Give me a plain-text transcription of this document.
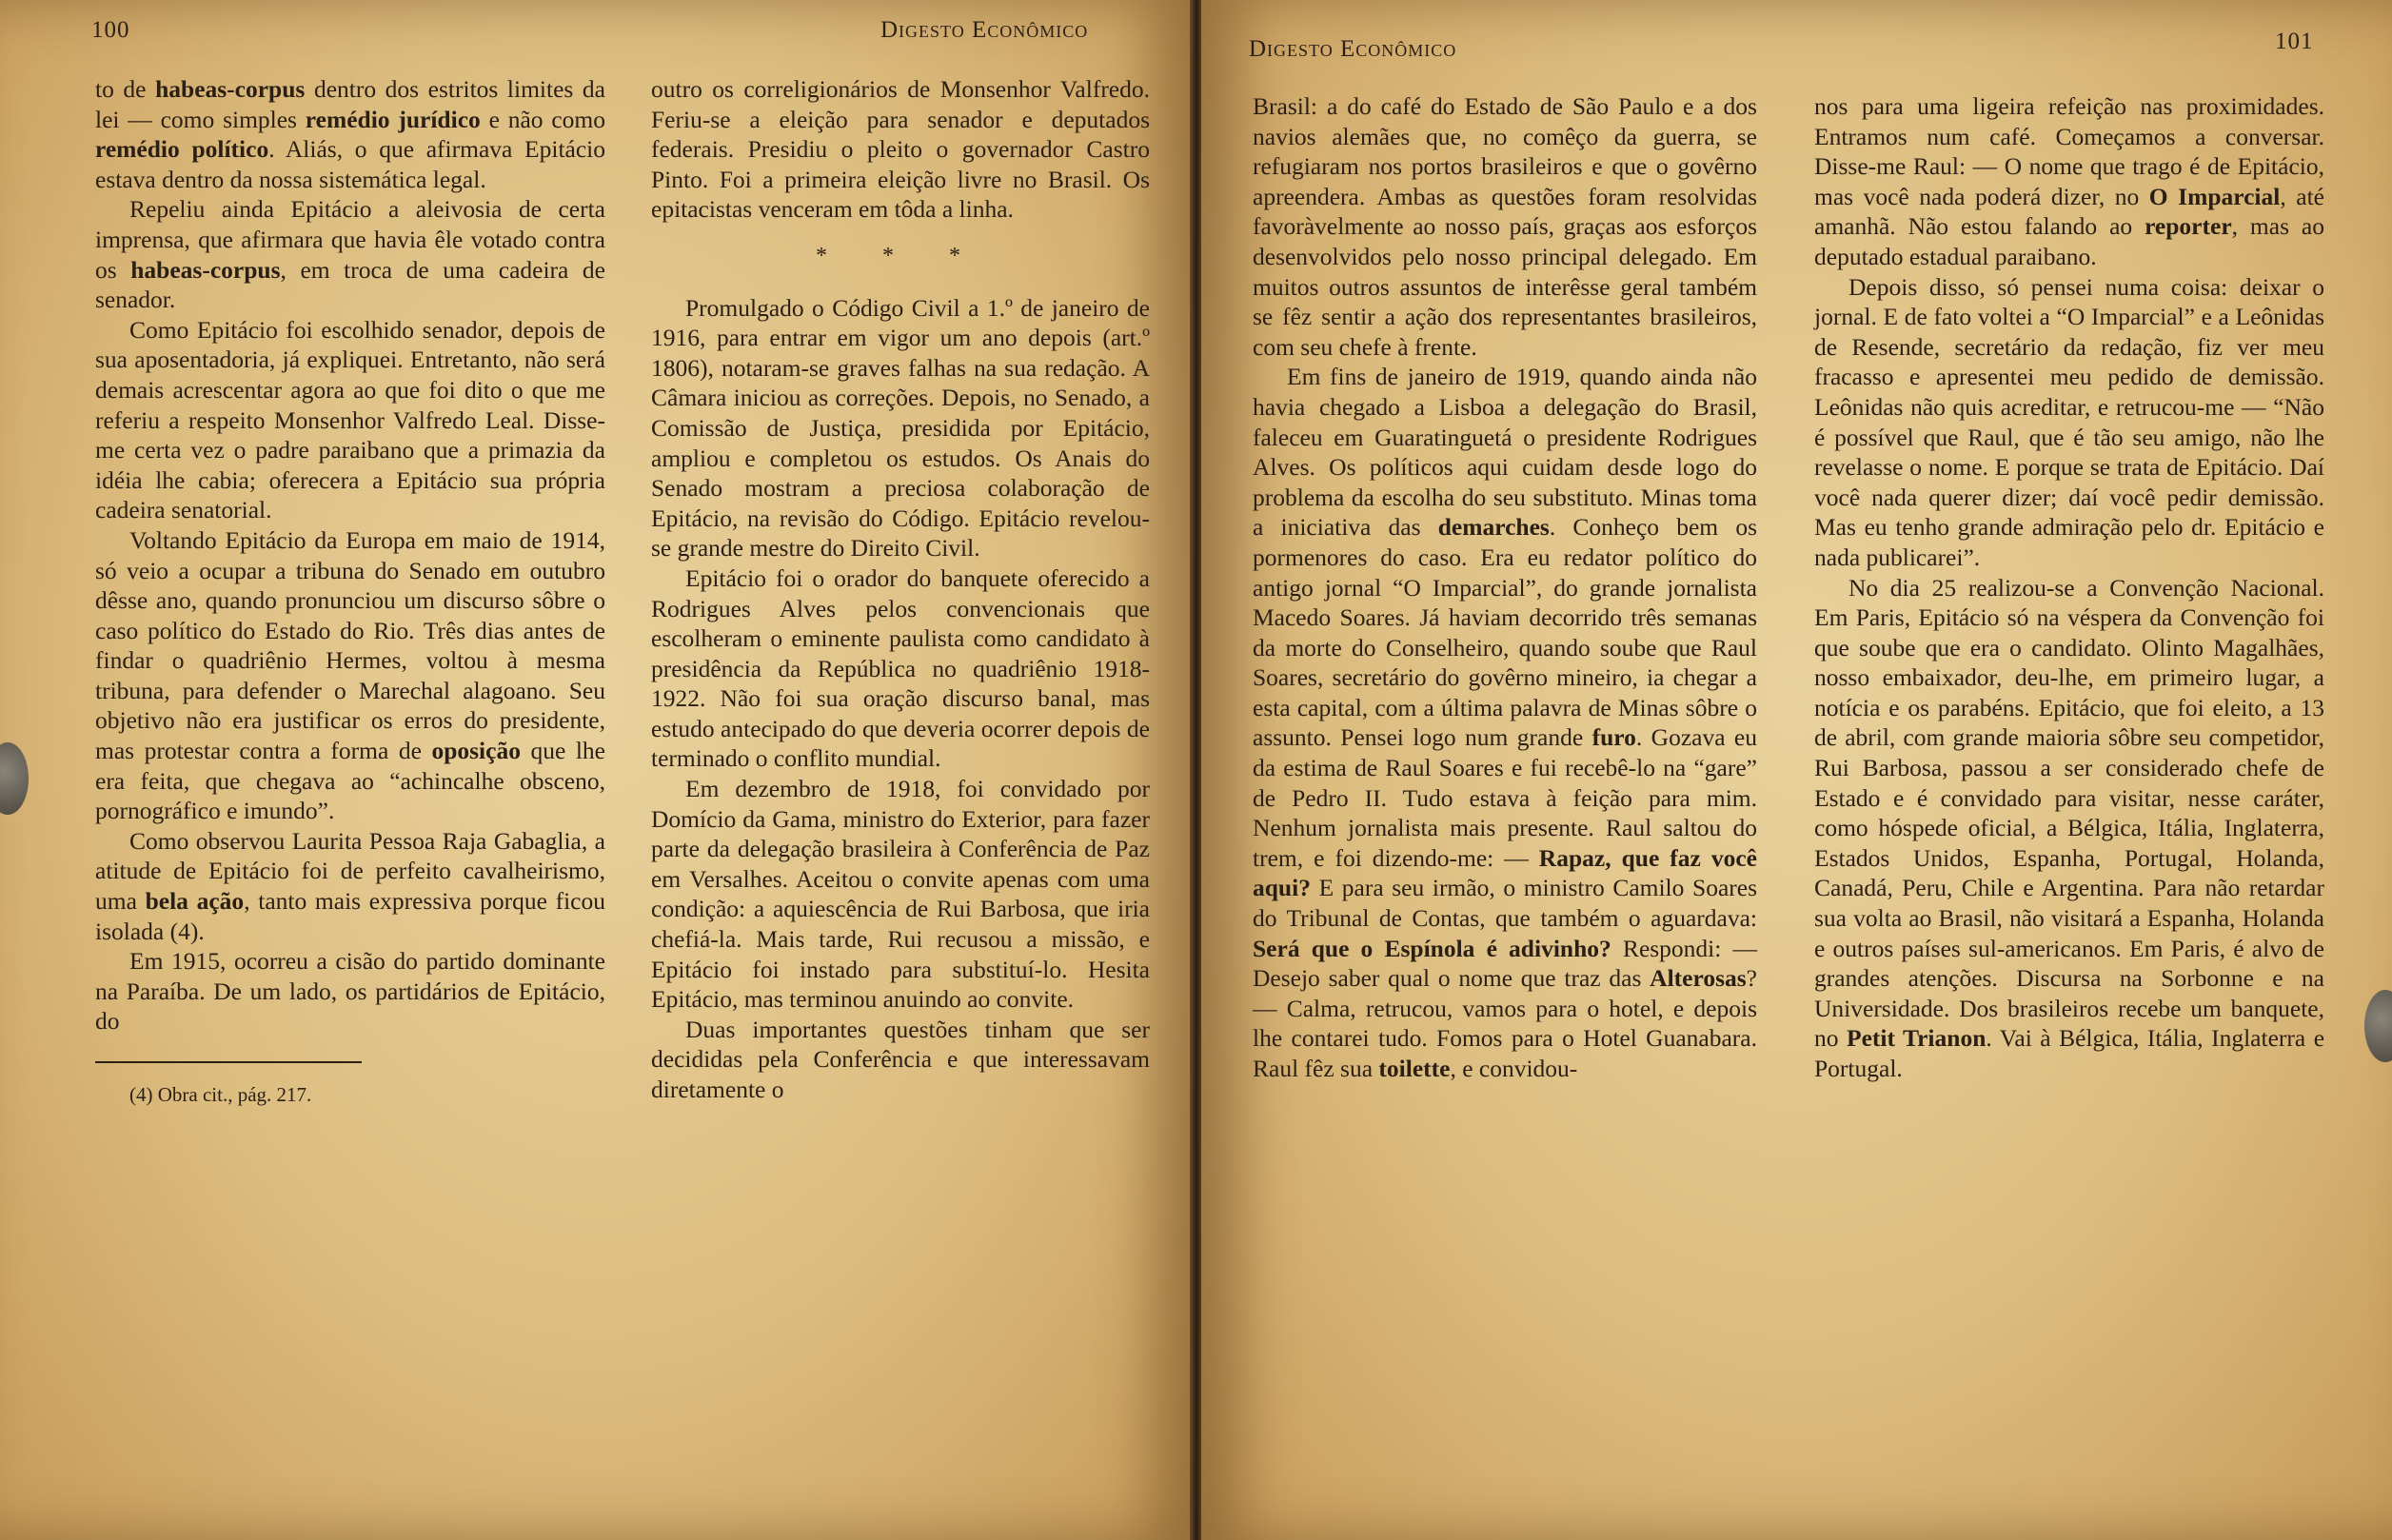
100	Digesto Econômico

to de habeas-corpus dentro dos estritos limites da lei — como simples remédio jurídico e não como remédio político. Aliás, o que afirmava Epitácio estava dentro da nossa sistemática legal.

Repeliu ainda Epitácio a aleivosia de certa imprensa, que afirmara que havia êle votado contra os habeas-corpus, em troca de uma cadeira de senador.

Como Epitácio foi escolhido senador, depois de sua aposentadoria, já expliquei. Entretanto, não será demais acrescentar agora ao que foi dito o que me referiu a respeito Monsenhor Valfredo Leal. Disse-me certa vez o padre paraibano que a primazia da idéia lhe cabia; oferecera a Epitácio sua própria cadeira senatorial.

Voltando Epitácio da Europa em maio de 1914, só veio a ocupar a tribuna do Senado em outubro dêsse ano, quando pronunciou um discurso sôbre o caso político do Estado do Rio. Três dias antes de findar o quadriênio Hermes, voltou à mesma tribuna, para defender o Marechal alagoano. Seu objetivo não era justificar os erros do presidente, mas protestar contra a forma de oposição que lhe era feita, que chegava ao “achincalhe obsceno, pornográfico e imundo”.

Como observou Laurita Pessoa Raja Gabaglia, a atitude de Epitácio foi de perfeito cavalheirismo, uma bela ação, tanto mais expressiva porque ficou isolada (4).

Em 1915, ocorreu a cisão do partido dominante na Paraíba. De um lado, os partidários de Epitácio, do

(4) Obra cit., pág. 217.

outro os correligionários de Monsenhor Valfredo. Feriu-se a eleição para senador e deputados federais. Presidiu o pleito o governador Castro Pinto. Foi a primeira eleição livre no Brasil. Os epitacistas venceram em tôda a linha.

* * *

Promulgado o Código Civil a 1.º de janeiro de 1916, para entrar em vigor um ano depois (art.º 1806), notaram-se graves falhas na sua redação. A Câmara iniciou as correções. Depois, no Senado, a Comissão de Justiça, presidida por Epitácio, ampliou e completou os estudos. Os Anais do Senado mostram a preciosa colaboração de Epitácio, na revisão do Código. Epitácio revelou-se grande mestre do Direito Civil.

Epitácio foi o orador do banquete oferecido a Rodrigues Alves pelos convencionais que escolheram o eminente paulista como candidato à presidência da República no quadriênio 1918-1922. Não foi sua oração discurso banal, mas estudo antecipado do que deveria ocorrer depois de terminado o conflito mundial.

Em dezembro de 1918, foi convidado por Domício da Gama, ministro do Exterior, para fazer parte da delegação brasileira à Conferência de Paz em Versalhes. Aceitou o convite apenas com uma condição: a aquiescência de Rui Barbosa, que iria chefiá-la. Mais tarde, Rui recusou a missão, e Epitácio foi instado para substituí-lo. Hesita Epitácio, mas terminou anuindo ao convite.

Duas importantes questões tinham que ser decididas pela Conferência e que interessavam diretamente o

Digesto Econômico	101

Brasil: a do café do Estado de São Paulo e a dos navios alemães que, no comêço da guerra, se refugiaram nos portos brasileiros e que o govêrno apreendera. Ambas as questões foram resolvidas favoràvelmente ao nosso país, graças aos esforços desenvolvidos pelo nosso principal delegado. Em muitos outros assuntos de interêsse geral também se fêz sentir a ação dos representantes brasileiros, com seu chefe à frente.

Em fins de janeiro de 1919, quando ainda não havia chegado a Lisboa a delegação do Brasil, faleceu em Guaratinguetá o presidente Rodrigues Alves. Os políticos aqui cuidam desde logo do problema da escolha do seu substituto. Minas toma a iniciativa das demarches. Conheço bem os pormenores do caso. Era eu redator político do antigo jornal “O Imparcial”, do grande jornalista Macedo Soares. Já haviam decorrido três semanas da morte do Conselheiro, quando soube que Raul Soares, secretário do govêrno mineiro, ia chegar a esta capital, com a última palavra de Minas sôbre o assunto. Pensei logo num grande furo. Gozava eu da estima de Raul Soares e fui recebê-lo na “gare” de Pedro II. Tudo estava à feição para mim. Nenhum jornalista mais presente. Raul saltou do trem, e foi dizendo-me: — Rapaz, que faz você aqui? E para seu irmão, o ministro Camilo Soares do Tribunal de Contas, que também o aguardava: Será que o Espínola é adivinho? Respondi: — Desejo saber qual o nome que traz das Alterosas? — Calma, retrucou, vamos para o hotel, e depois lhe contarei tudo. Fomos para o Hotel Guanabara. Raul fêz sua toilette, e convidou-

nos para uma ligeira refeição nas proximidades. Entramos num café. Começamos a conversar. Disse-me Raul: — O nome que trago é de Epitácio, mas você nada poderá dizer, no O Imparcial, até amanhã. Não estou falando ao reporter, mas ao deputado estadual paraibano.

Depois disso, só pensei numa coisa: deixar o jornal. E de fato voltei a “O Imparcial” e a Leônidas de Resende, secretário da redação, fiz ver meu fracasso e apresentei meu pedido de demissão. Leônidas não quis acreditar, e retrucou-me — “Não é possível que Raul, que é tão seu amigo, não lhe revelasse o nome. E porque se trata de Epitácio. Daí você nada querer dizer; daí você pedir demissão. Mas eu tenho grande admiração pelo dr. Epitácio e nada publicarei”.

No dia 25 realizou-se a Convenção Nacional. Em Paris, Epitácio só na véspera da Convenção foi que soube que era o candidato. Olinto Magalhães, nosso embaixador, deu-lhe, em primeiro lugar, a notícia e os parabéns. Epitácio, que foi eleito, a 13 de abril, com grande maioria sôbre seu competidor, Rui Barbosa, passou a ser considerado chefe de Estado e é convidado para visitar, nesse caráter, como hóspede oficial, a Bélgica, Itália, Inglaterra, Estados Unidos, Espanha, Portugal, Holanda, Canadá, Peru, Chile e Argentina. Para não retardar sua volta ao Brasil, não visitará a Espanha, Holanda e outros países sul-americanos. Em Paris, é alvo de grandes atenções. Discursa na Sorbonne e na Universidade. Dos brasileiros recebe um banquete, no Petit Trianon. Vai à Bélgica, Itália, Inglaterra e Portugal.
